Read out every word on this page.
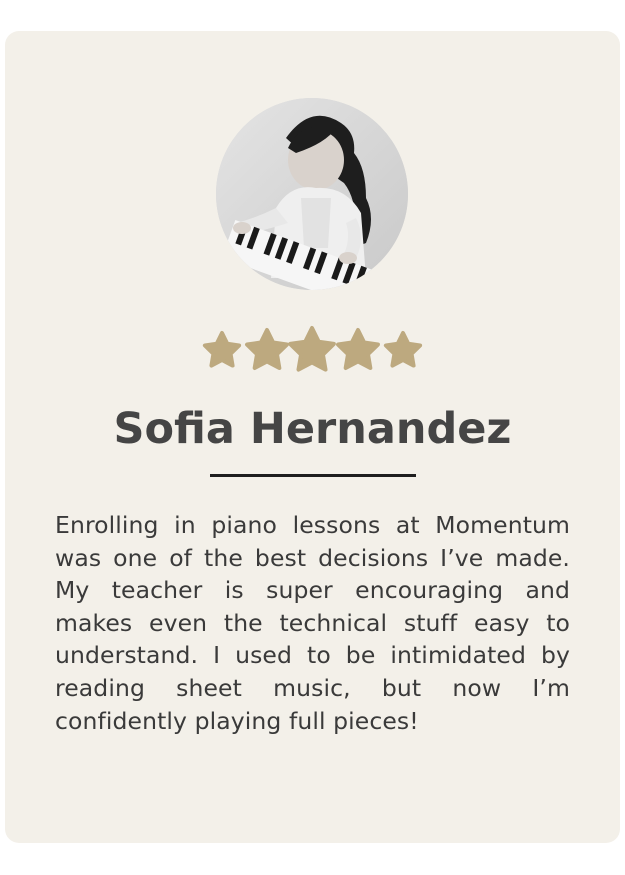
Sofia Hernandez

Enrolling in piano lessons at Momentum was one of the best decisions I’ve made. My teacher is super encouraging and makes even the technical stuff easy to understand. I used to be intimidated by reading sheet music, but now I’m confidently playing full pieces!
